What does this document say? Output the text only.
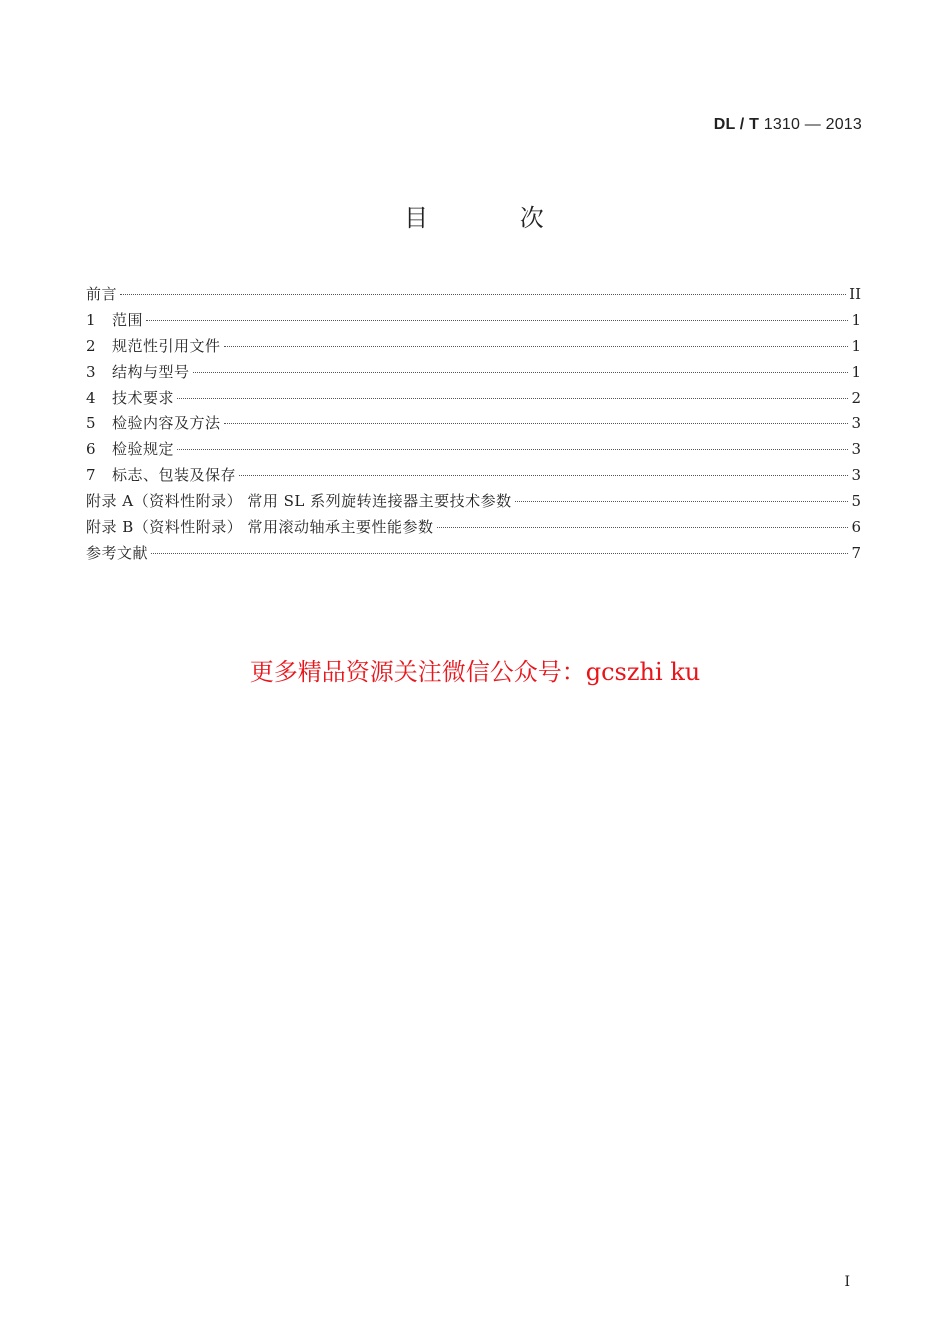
DL / T 1310 — 2013
目 次
前言	II
1	范围	1
2	规范性引用文件	1
3	结构与型号	1
4	技术要求	2
5	检验内容及方法	3
6	检验规定	3
7	标志、包装及保存	3
附录 A（资料性附录） 常用 SL 系列旋转连接器主要技术参数	5
附录 B（资料性附录） 常用滚动轴承主要性能参数	6
参考文献	7
更多精品资源关注微信公众号：gcszhi ku
I
